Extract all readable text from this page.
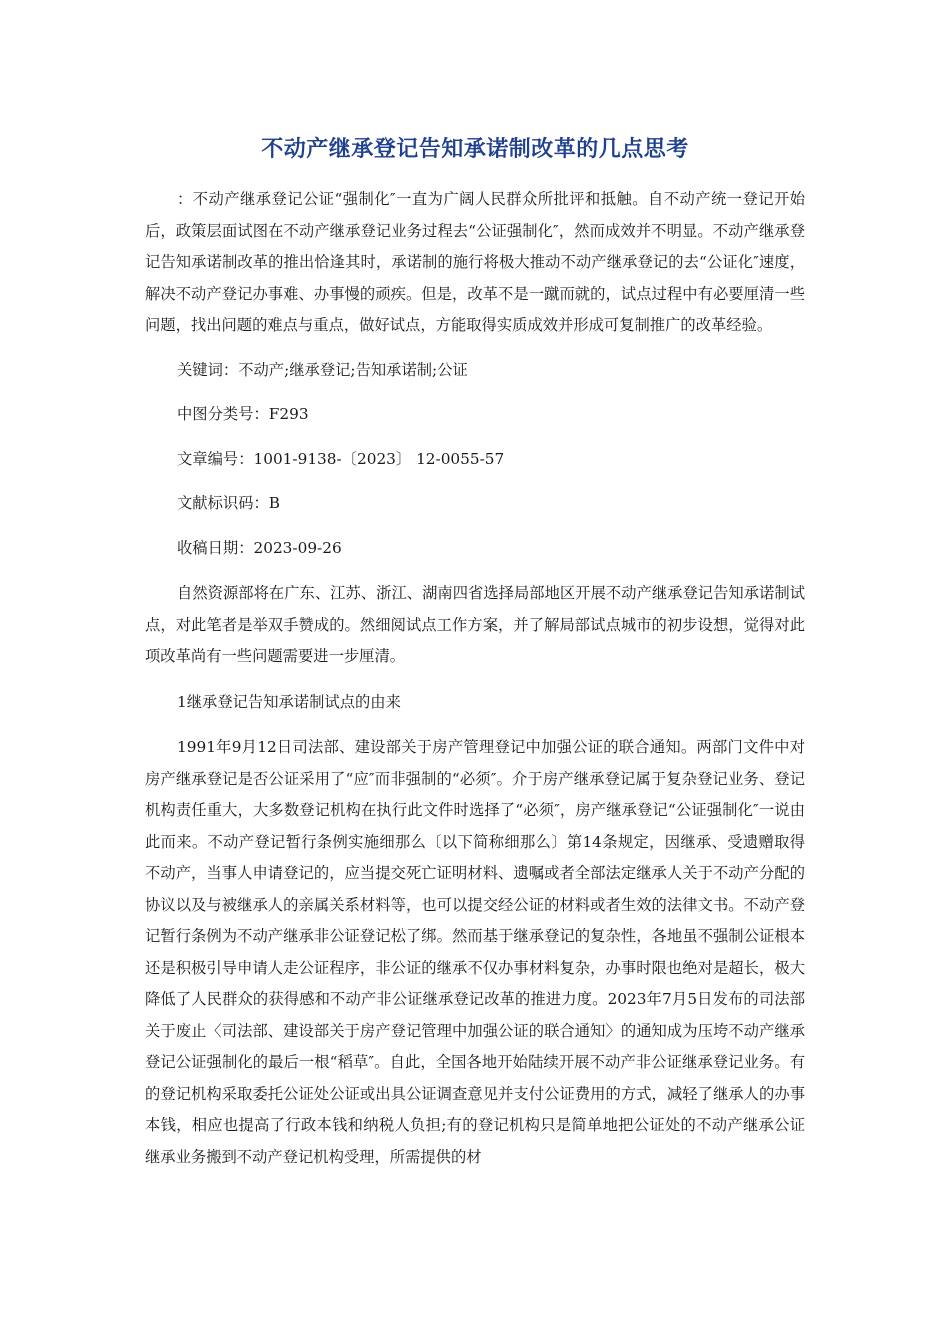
不动产继承登记告知承诺制改革的几点思考

：不动产继承登记公证“强制化″一直为广阔人民群众所批评和抵触。自不动产统一登记开始后，政策层面试图在不动产继承登记业务过程去“公证强制化″，然而成效并不明显。不动产继承登记告知承诺制改革的推出恰逢其时，承诺制的施行将极大推动不动产继承登记的去“公证化″速度，解决不动产登记办事难、办事慢的顽疾。但是，改革不是一蹴而就的，试点过程中有必要厘清一些问题，找出问题的难点与重点，做好试点，方能取得实质成效并形成可复制推广的改革经验。

关键词：不动产;继承登记;告知承诺制;公证

中图分类号：F293

文章编号：1001-9138-〔2023〕 12-0055-57

文献标识码：B

收稿日期：2023-09-26

自然资源部将在广东、江苏、浙江、湖南四省选择局部地区开展不动产继承登记告知承诺制试点，对此笔者是举双手赞成的。然细阅试点工作方案，并了解局部试点城市的初步设想，觉得对此项改革尚有一些问题需要进一步厘清。

1继承登记告知承诺制试点的由来

1991年9月12日司法部、建设部关于房产管理登记中加强公证的联合通知。两部门文件中对房产继承登记是否公证采用了“应″而非强制的“必须″。介于房产继承登记属于复杂登记业务、登记机构责任重大，大多数登记机构在执行此文件时选择了“必须″，房产继承登记“公证强制化″一说由此而来。不动产登记暂行条例实施细那么〔以下简称细那么〕第14条规定，因继承、受遗赠取得不动产，当事人申请登记的，应当提交死亡证明材料、遗嘱或者全部法定继承人关于不动产分配的协议以及与被继承人的亲属关系材料等，也可以提交经公证的材料或者生效的法律文书。不动产登记暂行条例为不动产继承非公证登记松了绑。然而基于继承登记的复杂性，各地虽不强制公证根本还是积极引导申请人走公证程序，非公证的继承不仅办事材料复杂，办事时限也绝对是超长，极大降低了人民群众的获得感和不动产非公证继承登记改革的推进力度。2023年7月5日发布的司法部关于废止〈司法部、建设部关于房产登记管理中加强公证的联合通知〉的通知成为压垮不动产继承登记公证强制化的最后一根“稻草″。自此，全国各地开始陆续开展不动产非公证继承登记业务。有的登记机构采取委托公证处公证或出具公证调查意见并支付公证费用的方式，减轻了继承人的办事本钱，相应也提高了行政本钱和纳税人负担;有的登记机构只是简单地把公证处的不动产继承公证继承业务搬到不动产登记机构受理，所需提供的材
